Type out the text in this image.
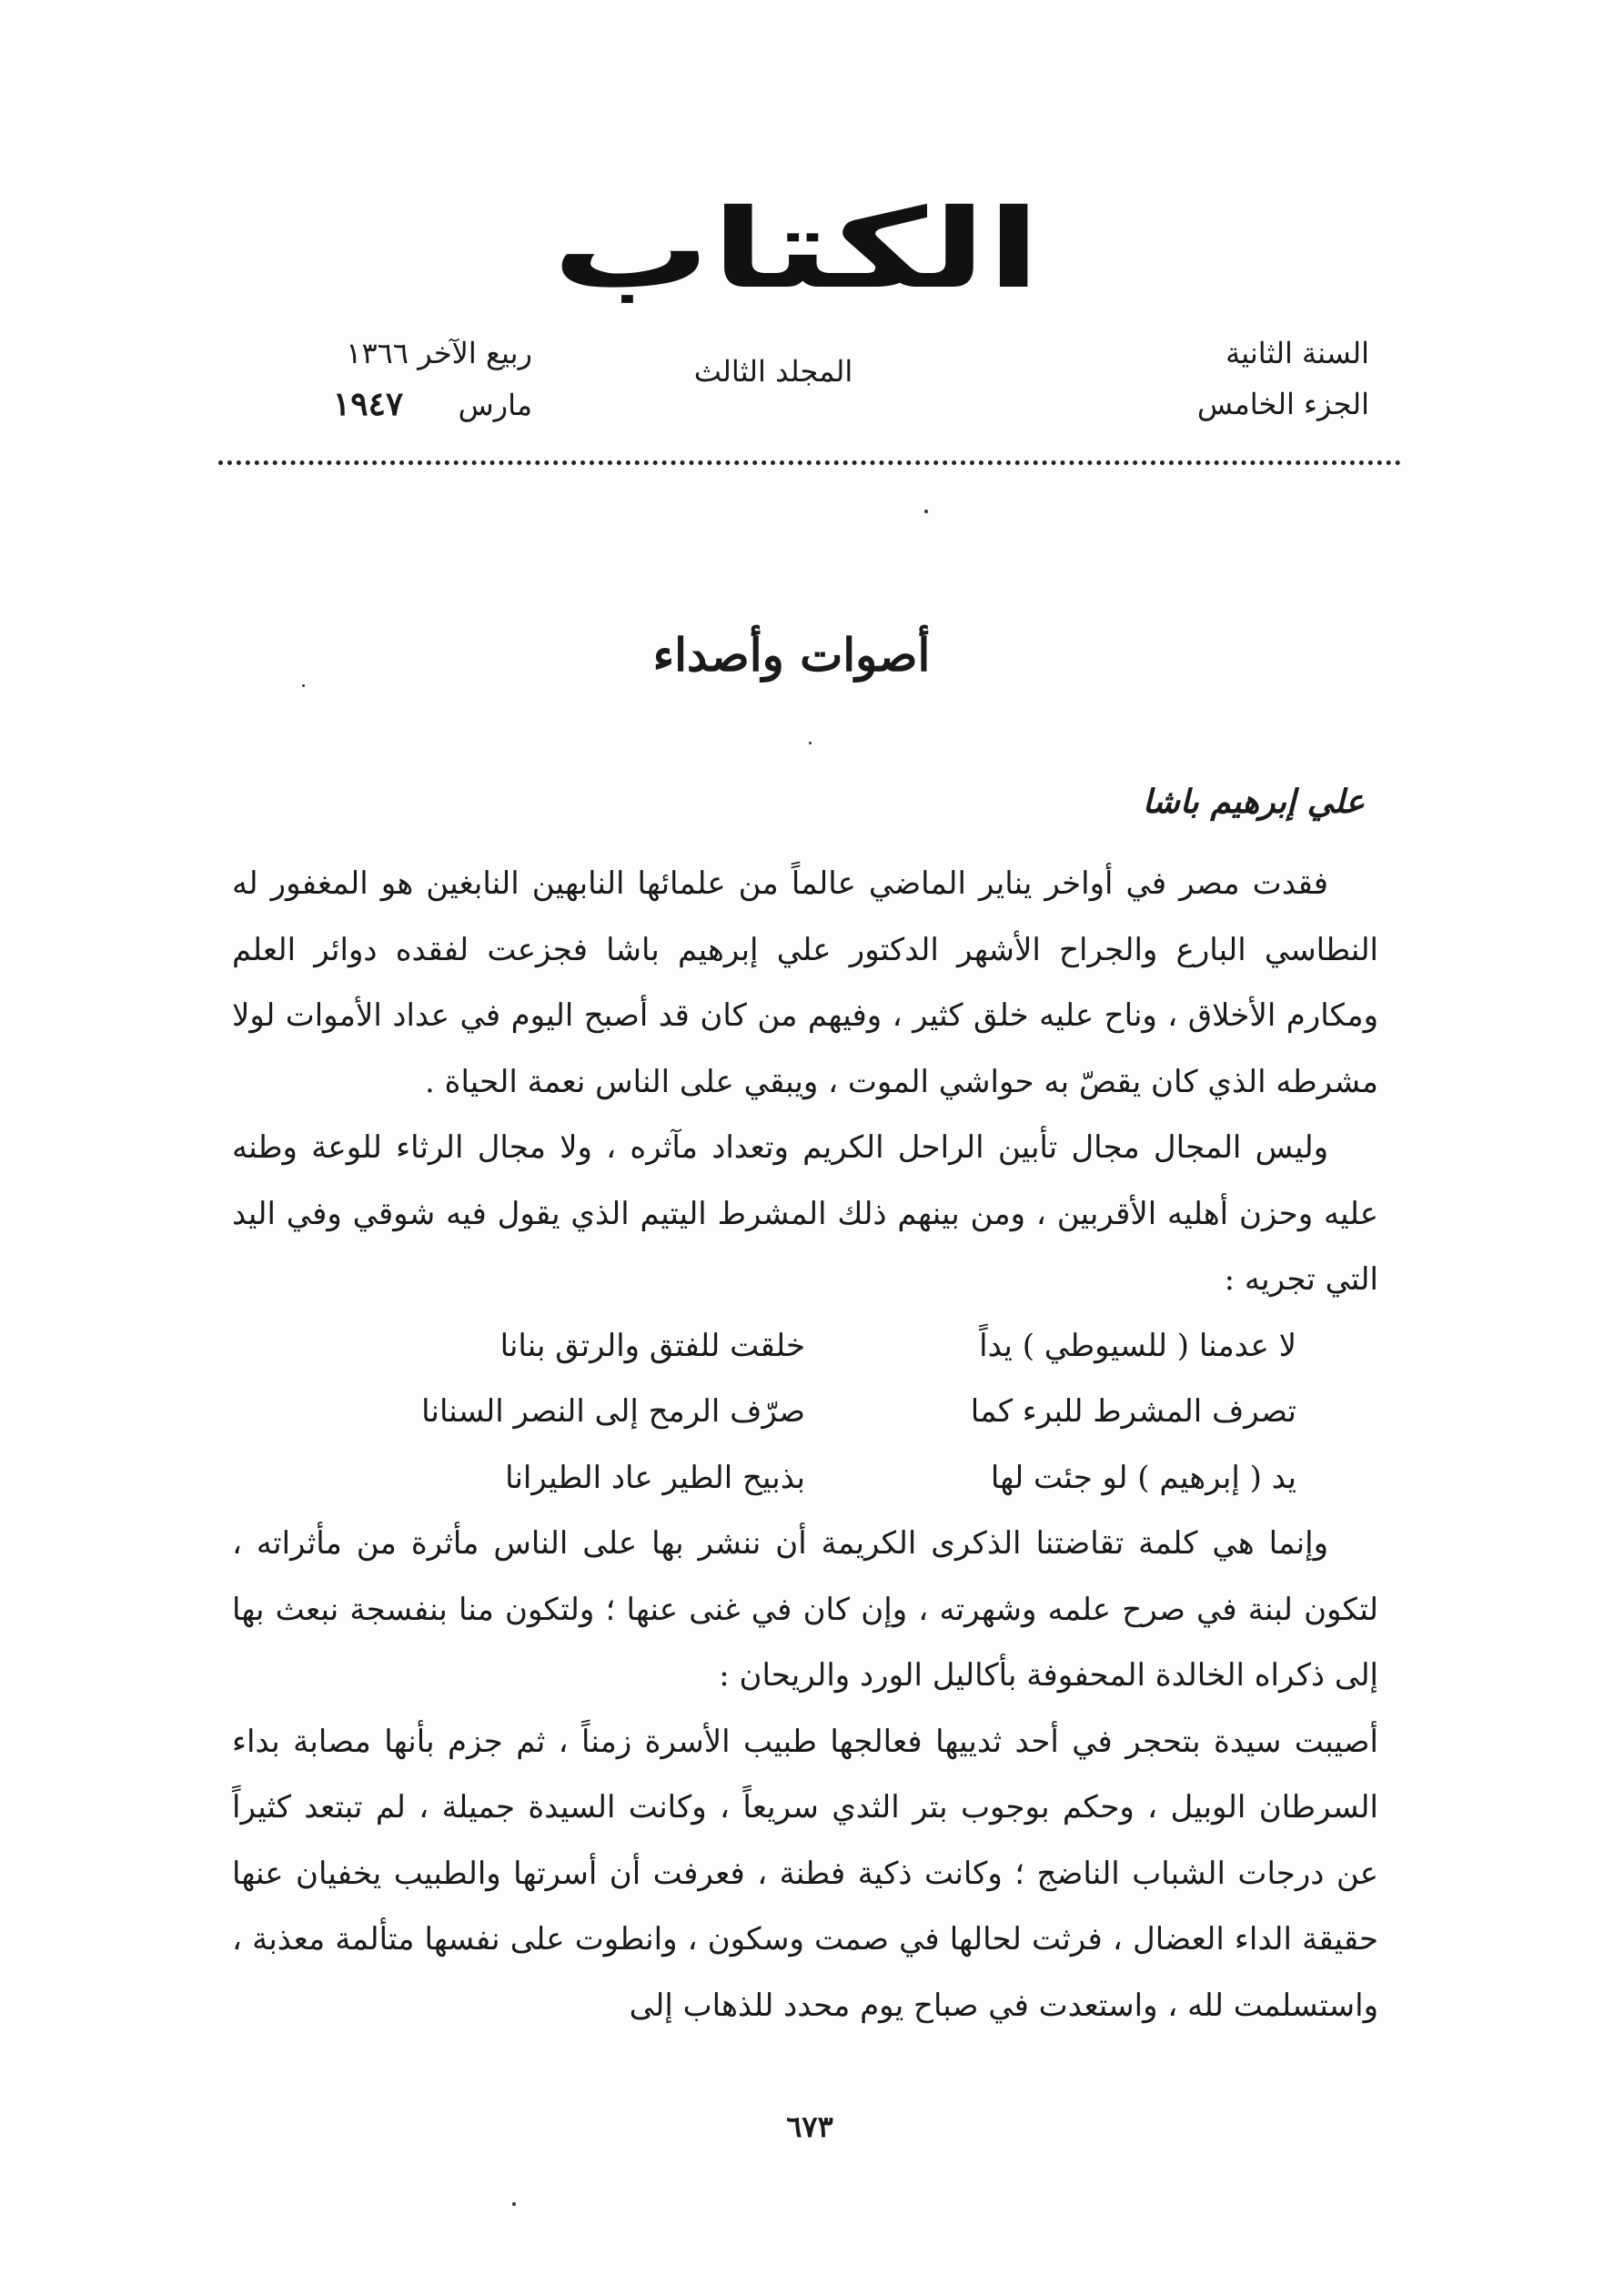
الكتاب
السنة الثانية
الجزء الخامس
المجلد الثالث
ربيع الآخر ١٣٦٦
مارس  ١٩٤٧
أصوات وأصداء
علي إبرهيم باشا

فقدت مصر في أواخر يناير الماضي عالماً من علمائها النابهين النابغين هو المغفور له النطاسي البارع والجراح الأشهر الدكتور علي إبرهيم باشا فجزعت لفقده دوائر العلم ومكارم الأخلاق ، وناح عليه خلق كثير ، وفيهم من كان قد أصبح اليوم في عداد الأموات لولا مشرطه الذي كان يقصّ به حواشي الموت ، ويبقي على الناس نعمة الحياة .

وليس المجال مجال تأبين الراحل الكريم وتعداد مآثره ، ولا مجال الرثاء للوعة وطنه عليه وحزن أهليه الأقربين ، ومن بينهم ذلك المشرط اليتيم الذي يقول فيه شوقي وفي اليد التي تجريه :

لا عدمنا ( للسيوطي ) يداً
خلقت للفتق والرتق بنانا
تصرف المشرط للبرء كما
صرّف الرمح إلى النصر السنانا
يد ( إبرهيم ) لو جئت لها
بذبيح الطير عاد الطيرانا

وإنما هي كلمة تقاضتنا الذكرى الكريمة أن ننشر بها على الناس مأثرة من مأثراته ، لتكون لبنة في صرح علمه وشهرته ، وإن كان في غنى عنها ؛ ولتكون منا بنفسجة نبعث بها إلى ذكراه الخالدة المحفوفة بأكاليل الورد والريحان :

أصيبت سيدة بتحجر في أحد ثدييها فعالجها طبيب الأسرة زمناً ، ثم جزم بأنها مصابة بداء السرطان الوبيل ، وحكم بوجوب بتر الثدي سريعاً ، وكانت السيدة جميلة ، لم تبتعد كثيراً عن درجات الشباب الناضج ؛ وكانت ذكية فطنة ، فعرفت أن أسرتها والطبيب يخفيان عنها حقيقة الداء العضال ، فرثت لحالها في صمت وسكون ، وانطوت على نفسها متألمة معذبة ، واستسلمت لله ، واستعدت في صباح يوم محدد للذهاب إلى

٦٧٣
